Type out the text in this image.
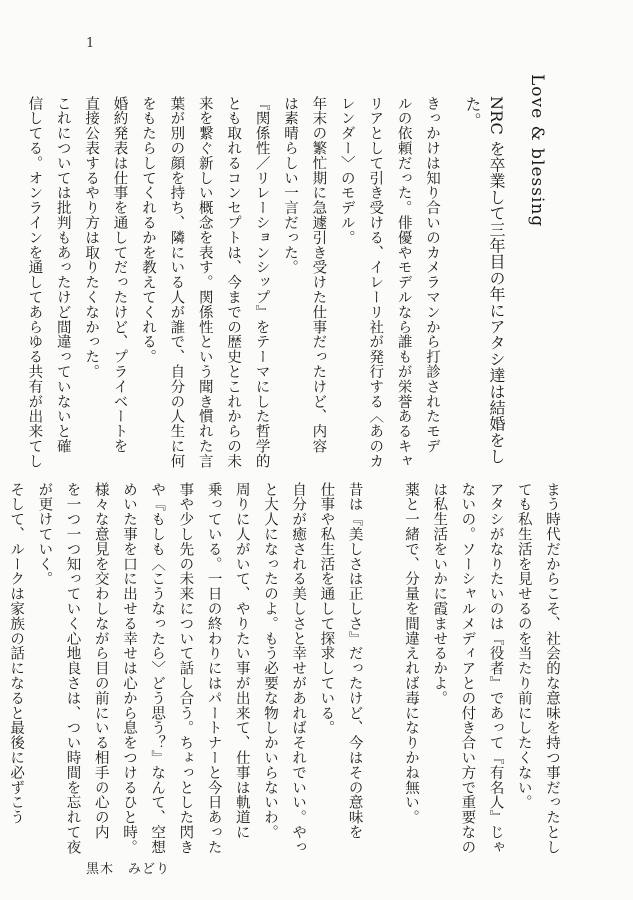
1
Love & blessing
NRC を卒業して三年目の年にアタシ達は結婚をし
た。
きっかけは知り合いのカメラマンから打診されたモデ
ルの依頼だった。俳優やモデルなら誰もが栄誉あるキャ
リアとして引き受ける、イレーリ社が発行する〈あのカ
レンダー〉のモデル。
年末の繁忙期に急遽引き受けた仕事だったけど、内容
は素晴らしい一言だった。
『関係性／リレーションシップ』をテーマにした哲学的
とも取れるコンセプトは、今までの歴史とこれからの未
来を繋ぐ新しい概念を表す。関係性という聞き慣れた言
葉が別の顔を持ち、隣にいる人が誰で、自分の人生に何
をもたらしてくれるかを教えてくれる。
婚約発表は仕事を通してだったけど、プライベートを
直接公表するやり方は取りたくなかった。
これについては批判もあったけど間違っていないと確
信してる。オンラインを通してあらゆる共有が出来てし
まう時代だからこそ、社会的な意味を持つ事だったとし
ても私生活を見せるのを当たり前にしたくない。
アタシがなりたいのは『役者』であって『有名人』じゃ
ないの。ソーシャルメディアとの付き合い方で重要なの
は私生活をいかに霞ませるかよ。
薬と一緒で、分量を間違えれば毒になりかね無い。
昔は『美しさは正しさ』だったけど、今はその意味を
仕事や私生活を通して探求している。
自分が癒される美しさと幸せがあればそれでいい。やっ
と大人になったのよ。もう必要な物しかいらないわ。
周りに人がいて、やりたい事が出来て、仕事は軌道に
乗っている。一日の終わりにはパートナーと今日あった
事や少し先の未来について話し合う。ちょっとした閃き
や『もしも〈こうなったら〉どう思う？』なんて、空想
めいた事を口に出せる幸せは心から息をつけるひと時。
様々な意見を交わしながら目の前にいる相手の心の内
を一つ一つ知っていく心地良さは、つい時間を忘れて夜
が更けていく。
そして、ルークは家族の話になると最後に必ずこう
黒木　みどり
